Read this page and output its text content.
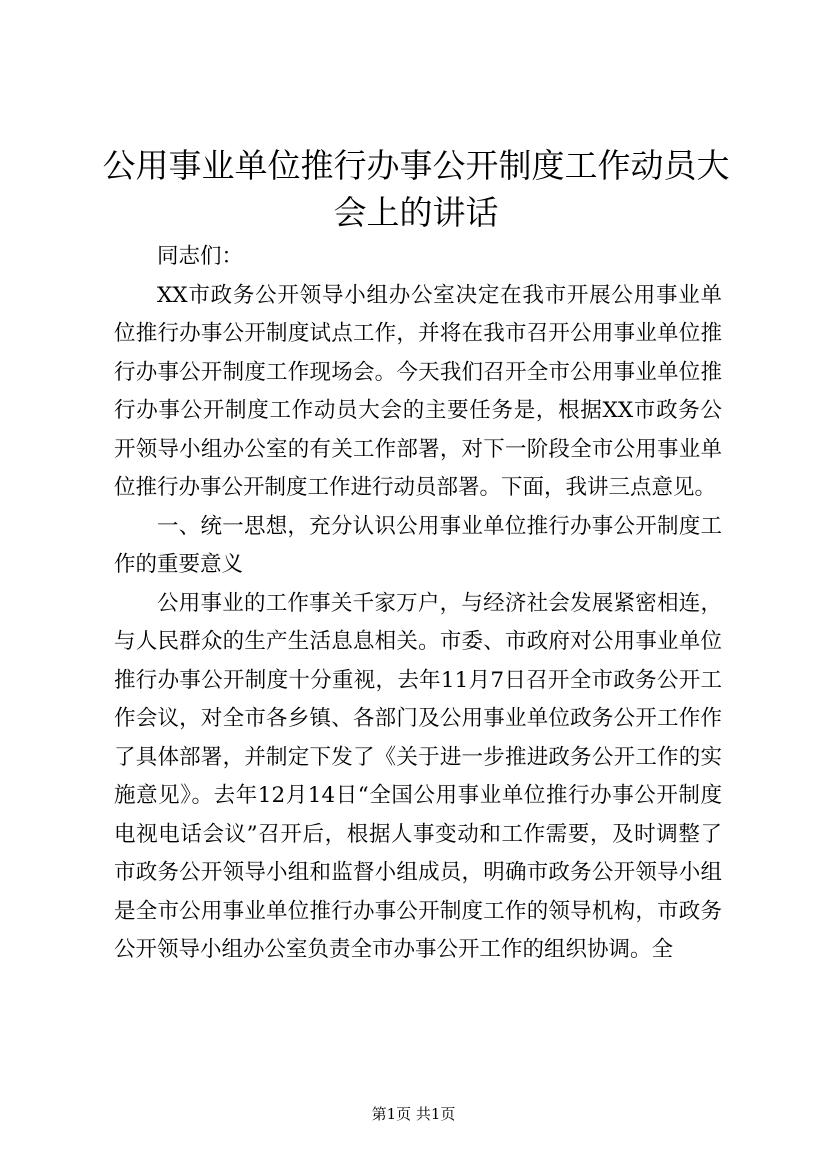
公用事业单位推行办事公开制度工作动员大会上的讲话

同志们：

XX市政务公开领导小组办公室决定在我市开展公用事业单位推行办事公开制度试点工作，并将在我市召开公用事业单位推行办事公开制度工作现场会。今天我们召开全市公用事业单位推行办事公开制度工作动员大会的主要任务是，根据XX市政务公开领导小组办公室的有关工作部署，对下一阶段全市公用事业单位推行办事公开制度工作进行动员部署。下面，我讲三点意见。

一、统一思想，充分认识公用事业单位推行办事公开制度工作的重要意义

公用事业的工作事关千家万户，与经济社会发展紧密相连，与人民群众的生产生活息息相关。市委、市政府对公用事业单位推行办事公开制度十分重视，去年11月7日召开全市政务公开工作会议，对全市各乡镇、各部门及公用事业单位政务公开工作作了具体部署，并制定下发了《关于进一步推进政务公开工作的实施意见》。去年12月14日“全国公用事业单位推行办事公开制度电视电话会议”召开后，根据人事变动和工作需要，及时调整了市政务公开领导小组和监督小组成员，明确市政务公开领导小组是全市公用事业单位推行办事公开制度工作的领导机构，市政务公开领导小组办公室负责全市办事公开工作的组织协调。全

第1页 共1页
